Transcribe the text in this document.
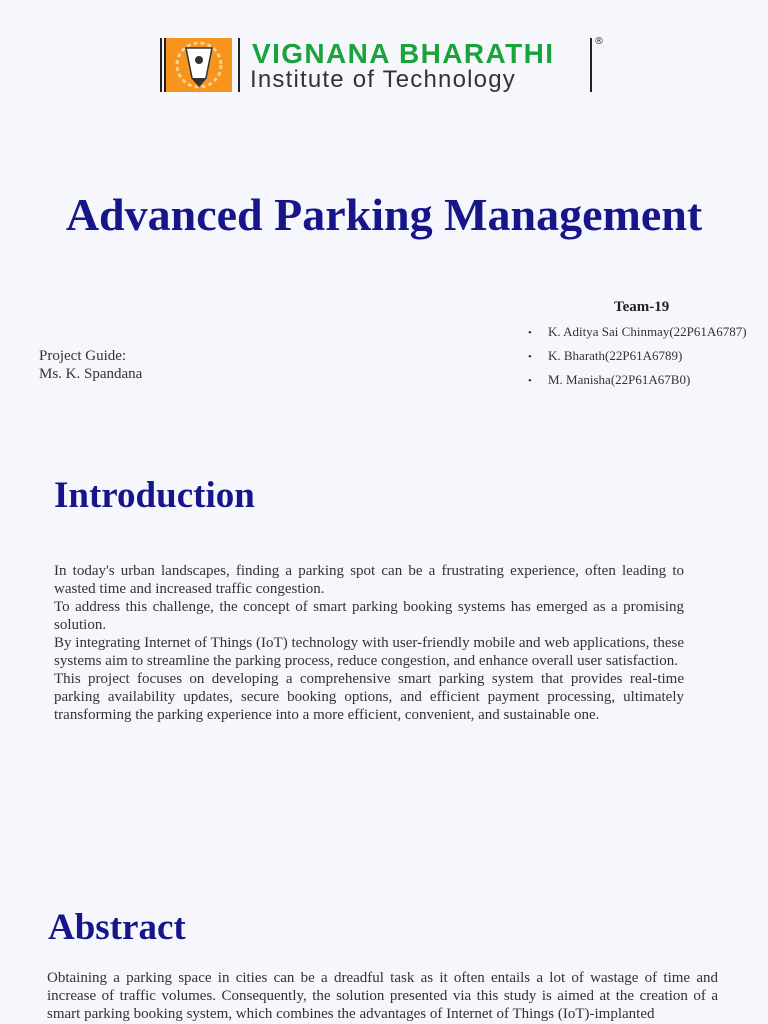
VIGNANA BHARATHI
Institute of Technology
®
Advanced Parking Management
Team-19
• K. Aditya Sai Chinmay(22P61A6787)
• K. Bharath(22P61A6789)
• M. Manisha(22P61A67B0)
Project Guide:
Ms. K. Spandana
Introduction

In today's urban landscapes, finding a parking spot can be a frustrating experience, often leading to wasted time and increased traffic congestion.

To address this challenge, the concept of smart parking booking systems has emerged as a promising solution.

By integrating Internet of Things (IoT) technology with user-friendly mobile and web applications, these systems aim to streamline the parking process, reduce congestion, and enhance overall user satisfaction.

This project focuses on developing a comprehensive smart parking system that provides real-time parking availability updates, secure booking options, and efficient payment processing, ultimately transforming the parking experience into a more efficient, convenient, and sustainable one.

Abstract
Obtaining a parking space in cities can be a dreadful task as it often entails a lot of wastage of time and increase of traffic volumes. Consequently, the solution presented via this study is aimed at the creation of a smart parking booking system, which combines the advantages of Internet of Things (IoT)-implanted
